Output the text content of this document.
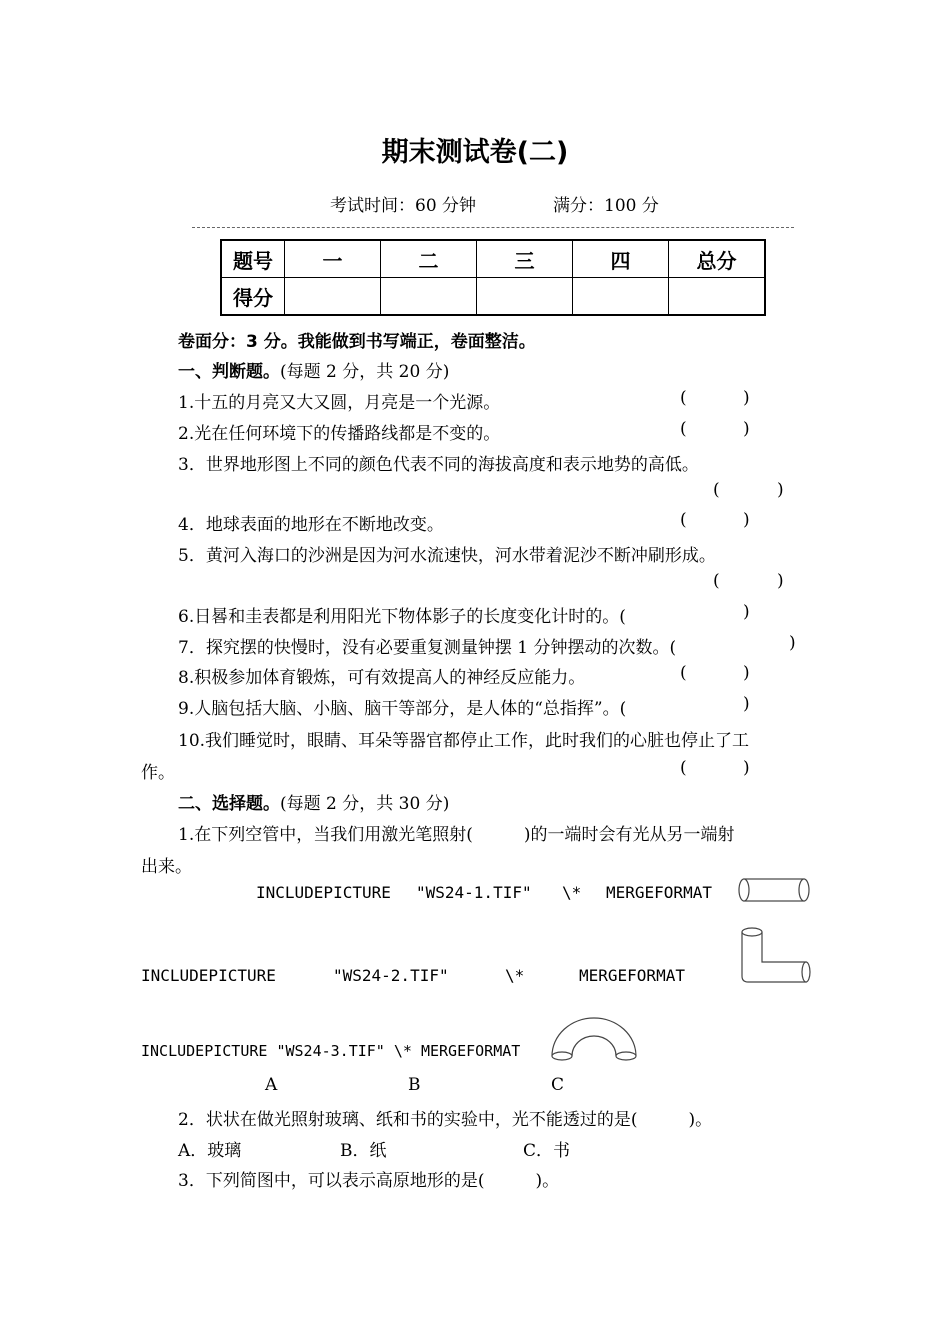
期末测试卷(二)
考试时间：60 分钟	满分：100 分
题号	一	二	三	四	总分
得分					
卷面分：3 分。我能做到书写端正，卷面整洁。
一、判断题。(每题 2 分，共 20 分)
1.十五的月亮又大又圆，月亮是一个光源。	(	)
2.光在任何环境下的传播路线都是不变的。	(	)
3．世界地形图上不同的颜色代表不同的海拔高度和表示地势的高低。
(	)
4．地球表面的地形在不断地改变。	(	)
5．黄河入海口的沙洲是因为河水流速快，河水带着泥沙不断冲刷形成。
(	)
6.日晷和圭表都是利用阳光下物体影子的长度变化计时的。(	)
7．探究摆的快慢时，没有必要重复测量钟摆 1 分钟摆动的次数。(	)
8.积极参加体育锻炼，可有效提高人的神经反应能力。	(	)
9.人脑包括大脑、小脑、脑干等部分，是人体的“总指挥”。(	)
10.我们睡觉时，眼睛、耳朵等器官都停止工作，此时我们的心脏也停止了工
作。	(	)
二、选择题。(每题 2 分，共 30 分)
1.在下列空管中，当我们用激光笔照射(　　　)的一端时会有光从另一端射
出来。
INCLUDEPICTURE "WS24-1.TIF" \* MERGEFORMAT
INCLUDEPICTURE	"WS24-2.TIF"	\*	MERGEFORMAT
INCLUDEPICTURE "WS24-3.TIF" \* MERGEFORMAT
A	B	C
2．状状在做光照射玻璃、纸和书的实验中，光不能透过的是(　　　)。
A．玻璃	B．纸	C．书
3．下列简图中，可以表示高原地形的是(　　　)。
